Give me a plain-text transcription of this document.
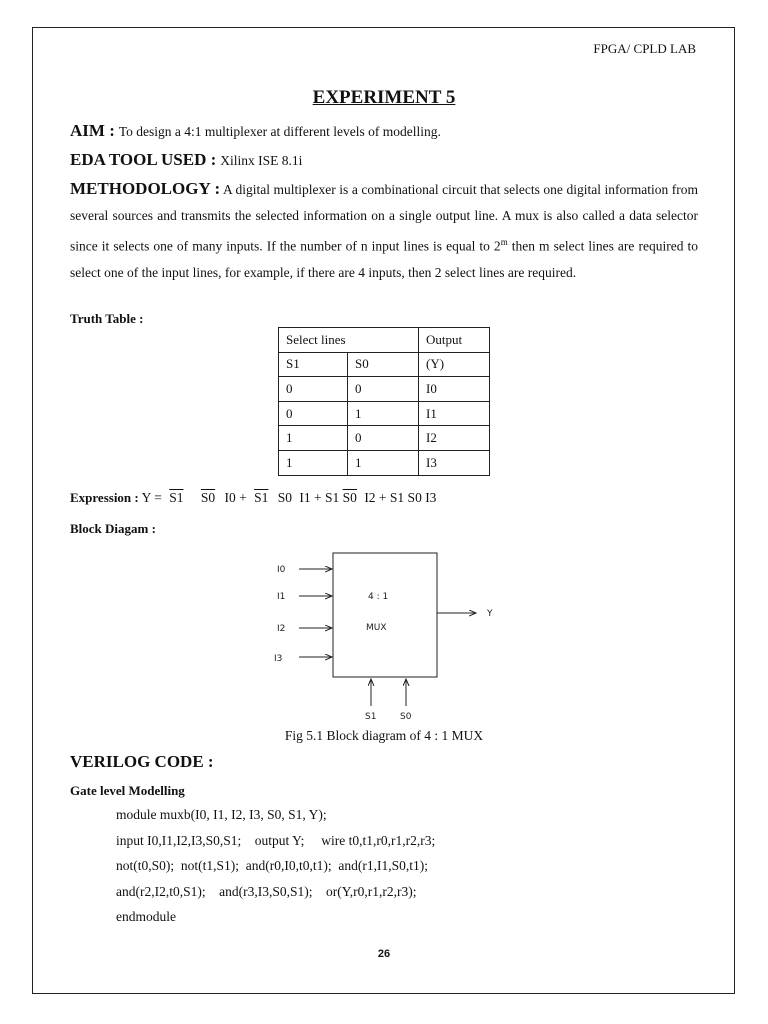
FPGA/ CPLD LAB
EXPERIMENT 5
AIM : To design a 4:1 multiplexer at different levels of modelling.
EDA TOOL USED : Xilinx ISE 8.1i
METHODOLOGY : A digital multiplexer is a combinational circuit that selects one digital information from several sources and transmits the selected information on a single output line. A mux is also called a data selector since it selects one of many inputs. If the number of n input lines is equal to 2$^m$ then m select lines are required to select one of the input lines, for example, if there are 4 inputs, then 2 select lines are required.
Truth Table :
Select lines		Output
S1	S0	(Y)
0	0	I0
0	1	I1
1	0	I2
1	1	I3
Expression : Y = S1 S0 I0 + S1 S0 I1 + S1 S0 I2 + S1 S0 I3
Block Diagam :
I0
I1
I2
I3
4 : 1
MUX
Y
S1	S0
Fig 5.1 Block diagram of 4 : 1 MUX
VERILOG CODE :
Gate level Modelling
module muxb(I0, I1, I2, I3, S0, S1, Y);
input I0,I1,I2,I3,S0,S1;    output Y;     wire t0,t1,r0,r1,r2,r3;
not(t0,S0);  not(t1,S1);  and(r0,I0,t0,t1);  and(r1,I1,S0,t1);
and(r2,I2,t0,S1);    and(r3,I3,S0,S1);    or(Y,r0,r1,r2,r3);
endmodule
26
